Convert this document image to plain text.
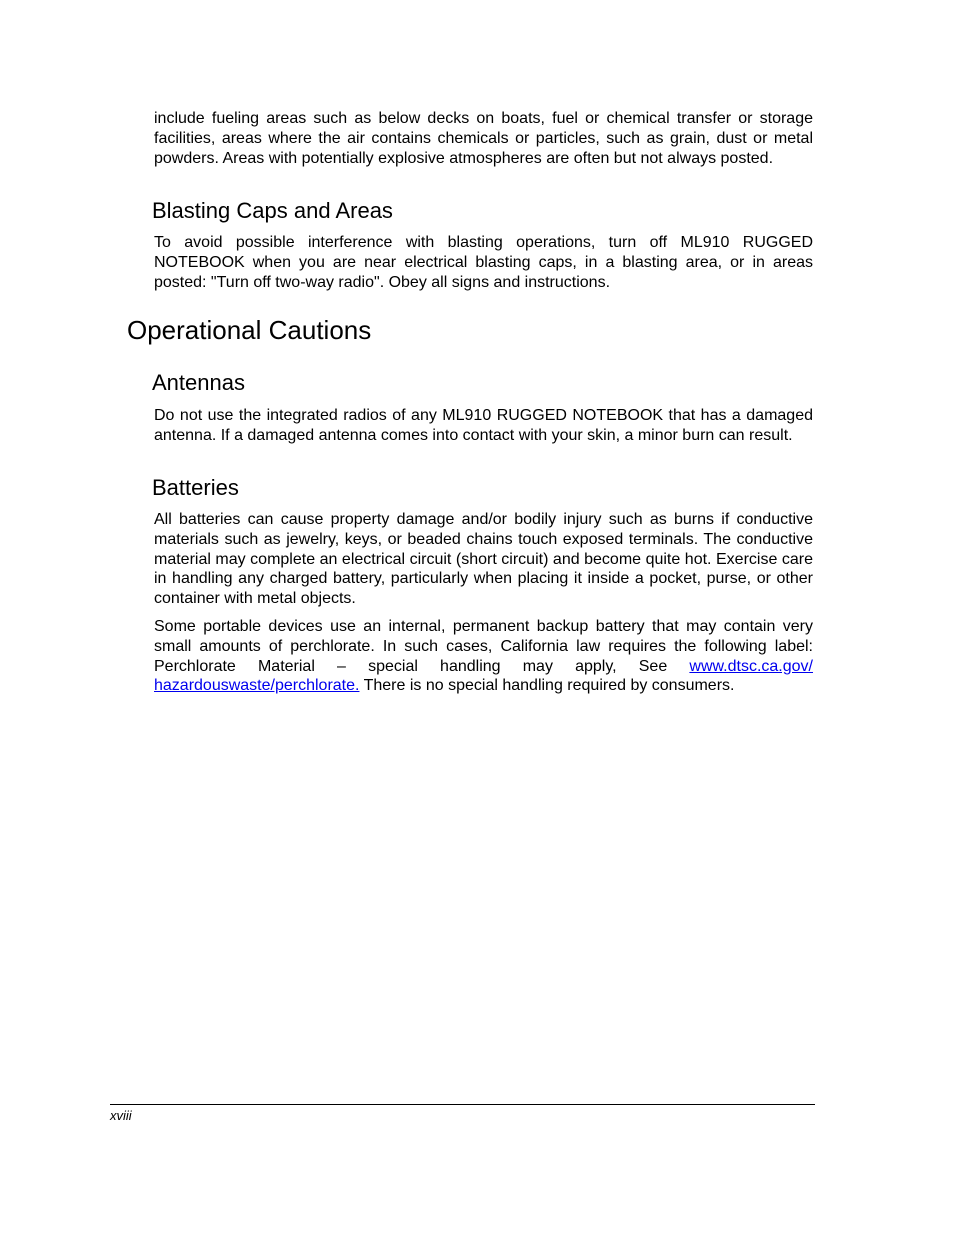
include fueling areas such as below decks on boats, fuel or chemical transfer or storage facilities, areas where the air contains chemicals or particles, such as grain, dust or metal powders. Areas with potentially explosive atmospheres are often but not always posted.

Blasting Caps and Areas

To avoid possible interference with blasting operations, turn off ML910 RUGGED NOTEBOOK when you are near electrical blasting caps, in a blasting area, or in areas posted: "Turn off two-way radio". Obey all signs and instructions.

Operational Cautions
Antennas

Do not use the integrated radios of any ML910 RUGGED NOTEBOOK that has a damaged antenna. If a damaged antenna comes into contact with your skin, a minor burn can result.

Batteries

All batteries can cause property damage and/or bodily injury such as burns if conductive materials such as jewelry, keys, or beaded chains touch exposed terminals. The conductive material may complete an electrical circuit (short circuit) and become quite hot. Exercise care in handling any charged battery, particularly when placing it inside a pocket, purse, or other container with metal objects.

Some portable devices use an internal, permanent backup battery that may contain very small amounts of perchlorate. In such cases, California law requires the following label: Perchlorate Material – special handling may apply, See www.dtsc.ca.gov/ hazardouswaste/perchlorate. There is no special handling required by consumers.

xviii
